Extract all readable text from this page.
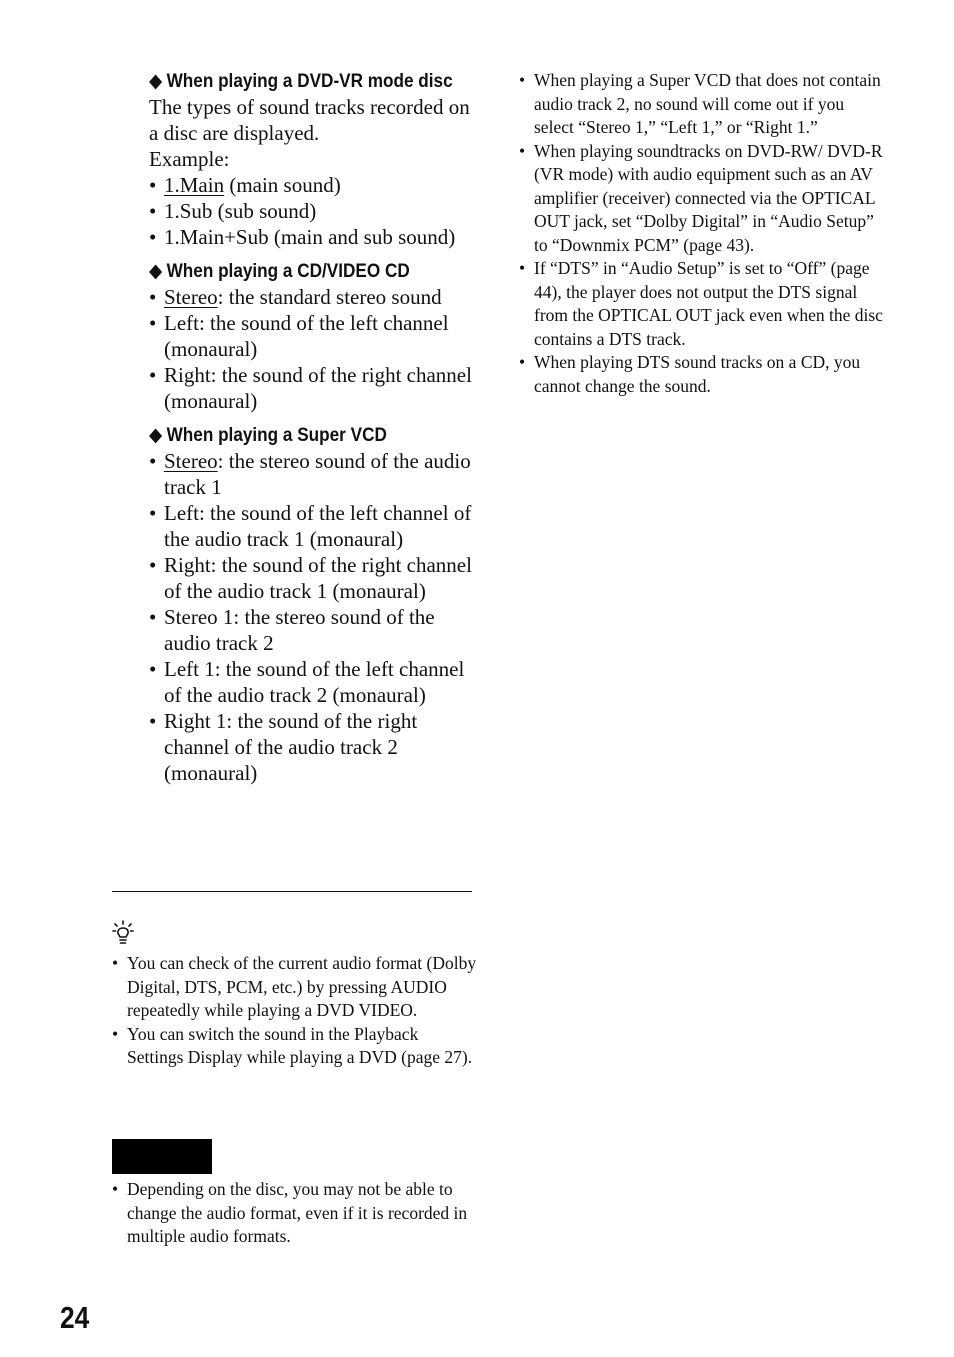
◆ When playing a DVD-VR mode disc

The types of sound tracks recorded on a disc are displayed.

Example:

• 1.Main (main sound)
• 1.Sub (sub sound)
• 1.Main+Sub (main and sub sound)

◆ When playing a CD/VIDEO CD

• Stereo: the standard stereo sound
• Left: the sound of the left channel (monaural)
• Right: the sound of the right channel (monaural)

◆ When playing a Super VCD

• Stereo: the stereo sound of the audio track 1
• Left: the sound of the left channel of the audio track 1 (monaural)
• Right: the sound of the right channel of the audio track 1 (monaural)
• Stereo 1: the stereo sound of the audio track 2
• Left 1: the sound of the left channel of the audio track 2 (monaural)
• Right 1: the sound of the right channel of the audio track 2 (monaural)
• You can check of the current audio format (Dolby Digital, DTS, PCM, etc.) by pressing AUDIO repeatedly while playing a DVD VIDEO.
• You can switch the sound in the Playback Settings Display while playing a DVD (page 27).
• Depending on the disc, you may not be able to change the audio format, even if it is recorded in multiple audio formats.
• When playing a Super VCD that does not contain audio track 2, no sound will come out if you select “Stereo 1,” “Left 1,” or “Right 1.”
• When playing soundtracks on DVD-RW/ DVD-R (VR mode) with audio equipment such as an AV amplifier (receiver) connected via the OPTICAL OUT jack, set “Dolby Digital” in “Audio Setup” to “Downmix PCM” (page 43).
• If “DTS” in “Audio Setup” is set to “Off” (page 44), the player does not output the DTS signal from the OPTICAL OUT jack even when the disc contains a DTS track.
• When playing DTS sound tracks on a CD, you cannot change the sound.
24
